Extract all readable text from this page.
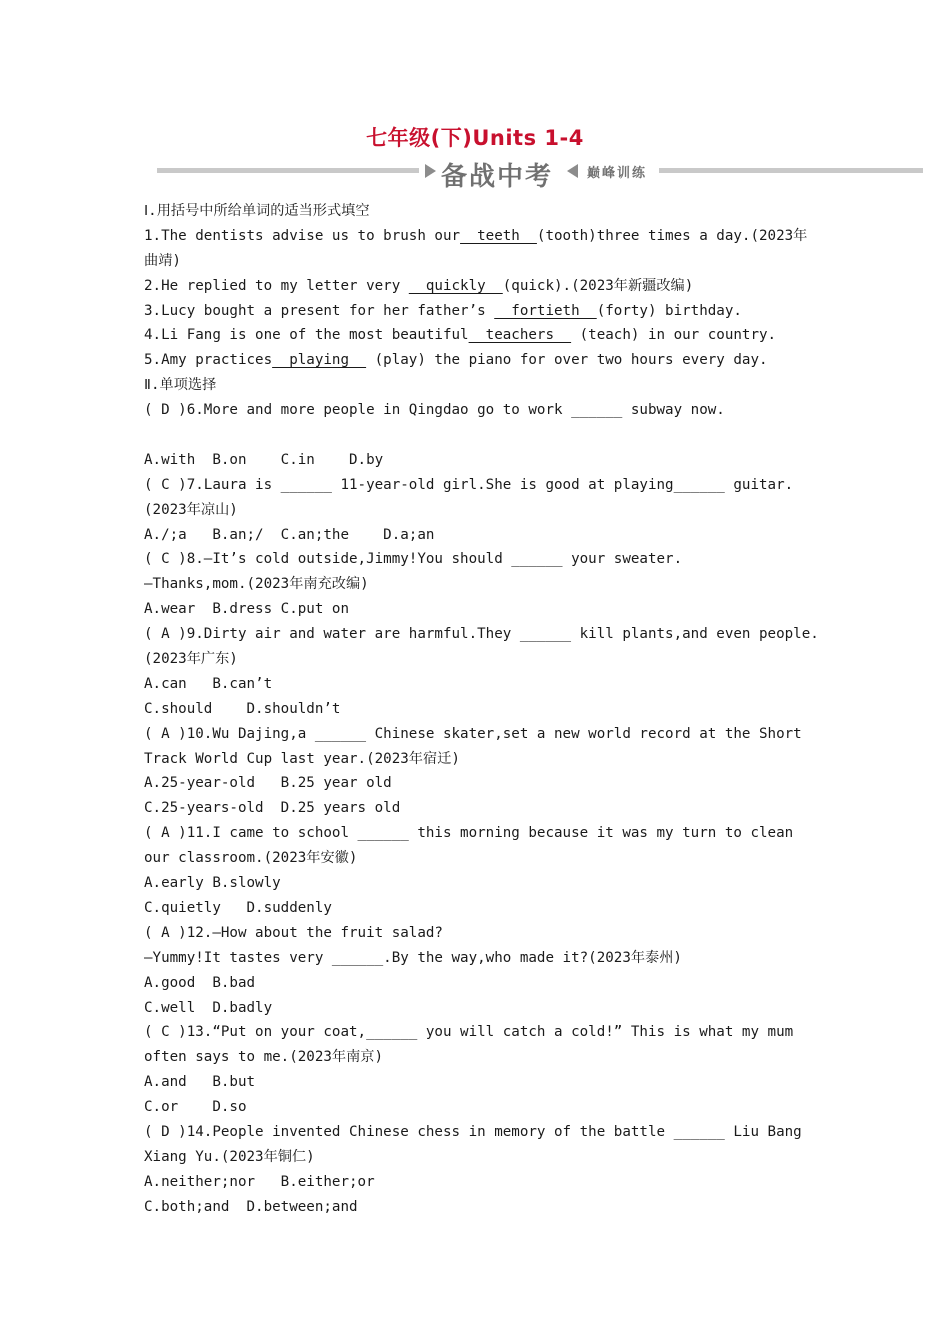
七年级(下)Units 1-4
备战中考	巅峰训练
Ⅰ.用括号中所给单词的适当形式填空
1.The dentists advise us to brush our  teeth  (tooth)three times a day.(2023年
曲靖)
2.He replied to my letter very   quickly  (quick).(2023年新疆改编)
3.Lucy bought a present for her father’s   fortieth  (forty) birthday.
4.Li Fang is one of the most beautiful  teachers   (teach) in our country.
5.Amy practices  playing   (play) the piano for over two hours every day.
Ⅱ.单项选择
( D )6.More and more people in Qingdao go to work ______ subway now.
A.with  B.on    C.in    D.by
( C )7.Laura is ______ 11-year-old girl.She is good at playing______ guitar.
(2023年凉山)
A./;a   B.an;/  C.an;the    D.a;an
( C )8.—It’s cold outside,Jimmy!You should ______ your sweater.
—Thanks,mom.(2023年南充改编)
A.wear  B.dress C.put on
( A )9.Dirty air and water are harmful.They ______ kill plants,and even people.
(2023年广东)
A.can   B.can’t
C.should    D.shouldn’t
( A )10.Wu Dajing,a ______ Chinese skater,set a new world record at the Short
Track World Cup last year.(2023年宿迁)
A.25-year-old   B.25 year old
C.25-years-old  D.25 years old
( A )11.I came to school ______ this morning because it was my turn to clean
our classroom.(2023年安徽)
A.early B.slowly
C.quietly   D.suddenly
( A )12.—How about the fruit salad?
—Yummy!It tastes very ______.By the way,who made it?(2023年泰州)
A.good  B.bad
C.well  D.badly
( C )13.“Put on your coat,______ you will catch a cold!” This is what my mum
often says to me.(2023年南京)
A.and   B.but
C.or    D.so
( D )14.People invented Chinese chess in memory of the battle ______ Liu Bang
Xiang Yu.(2023年铜仁)
A.neither;nor   B.either;or
C.both;and  D.between;and
